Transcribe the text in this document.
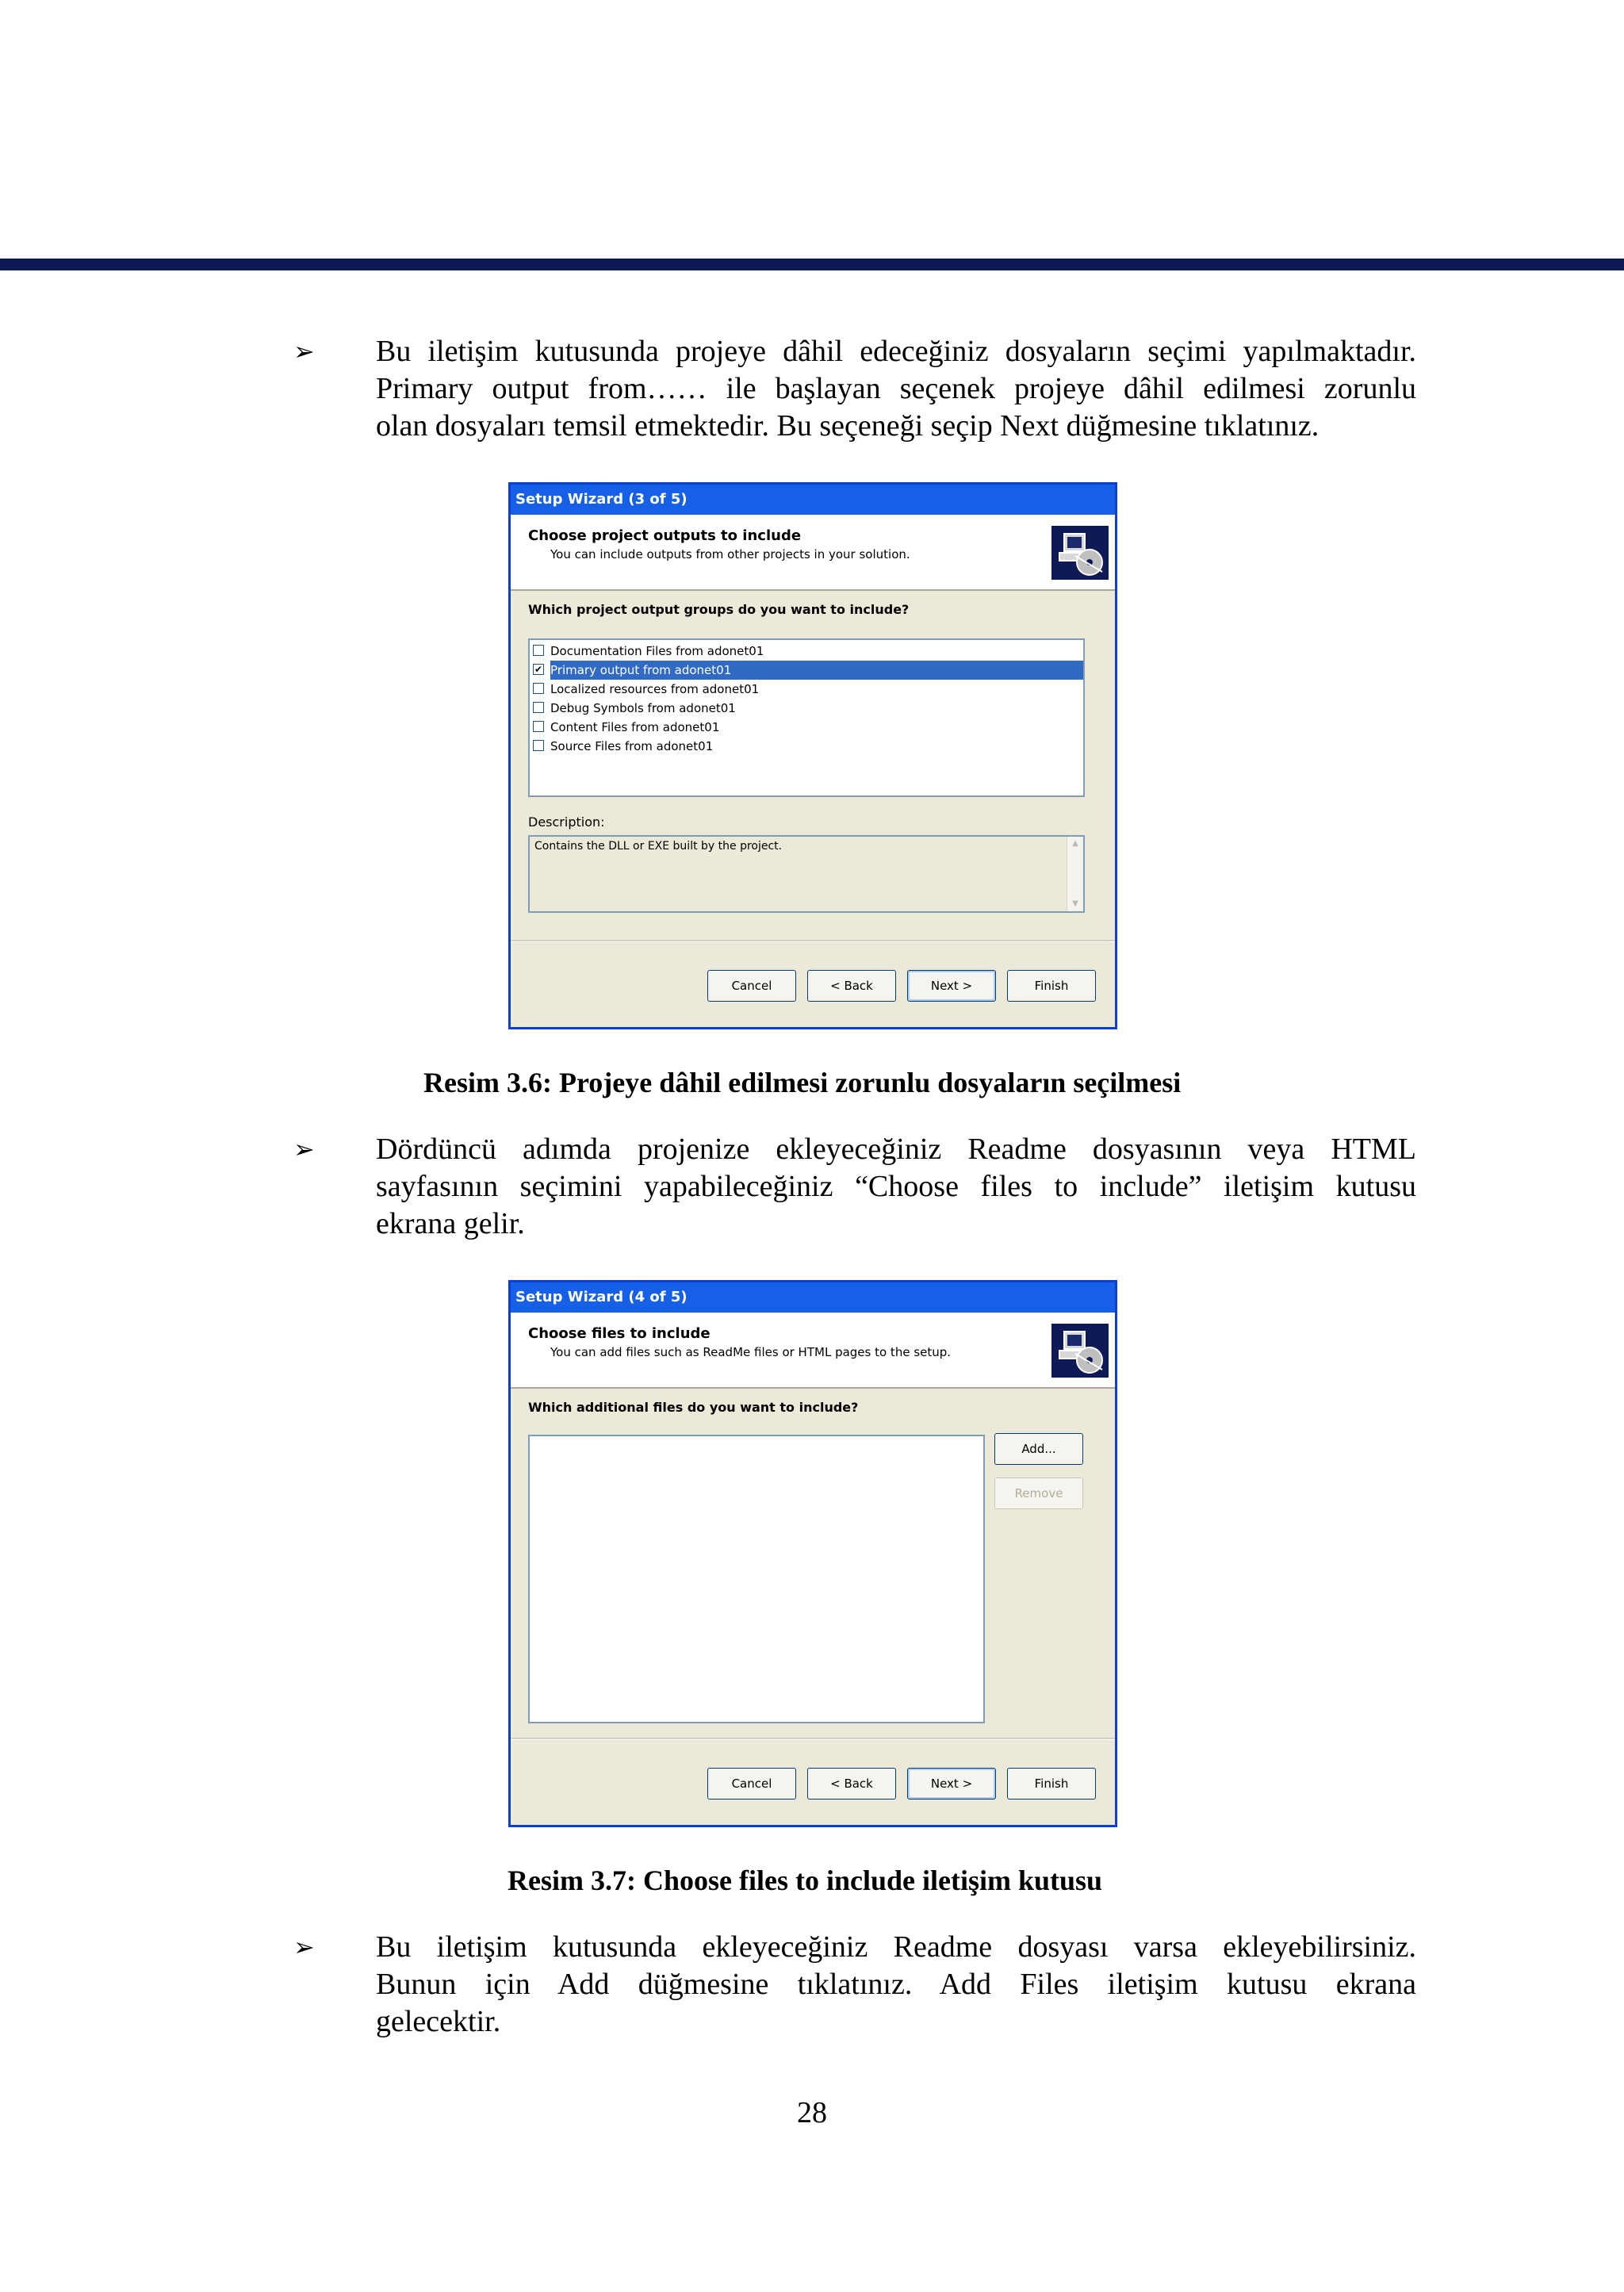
➢ Bu iletişim kutusunda projeye dâhil edeceğiniz dosyaların seçimi yapılmaktadır.
Primary output from…… ile başlayan seçenek projeye dâhil edilmesi zorunlu
olan dosyaları temsil etmektedir. Bu seçeneği seçip Next düğmesine tıklatınız.
Setup Wizard (3 of 5)
Choose project outputs to include
You can include outputs from other projects in your solution.
Which project output groups do you want to include?
Documentation Files from adonet01
✔ Primary output from adonet01
Localized resources from adonet01
Debug Symbols from adonet01
Content Files from adonet01
Source Files from adonet01
Description:
Contains the DLL or EXE built by the project.	▲
▼
Cancel	< Back	Next >	Finish
Resim 3.6: Projeye dâhil edilmesi zorunlu dosyaların seçilmesi
➢ Dördüncü adımda projenize ekleyeceğiniz Readme dosyasının veya HTML
sayfasının seçimini yapabileceğiniz “Choose files to include” iletişim kutusu
ekrana gelir.
Setup Wizard (4 of 5)
Choose files to include
You can add files such as ReadMe files or HTML pages to the setup.
Which additional files do you want to include?
Add...
Remove
Cancel	< Back	Next >	Finish
Resim 3.7: Choose files to include iletişim kutusu
➢ Bu iletişim kutusunda ekleyeceğiniz Readme dosyası varsa ekleyebilirsiniz.
Bunun için Add düğmesine tıklatınız. Add Files iletişim kutusu ekrana
gelecektir.
28
